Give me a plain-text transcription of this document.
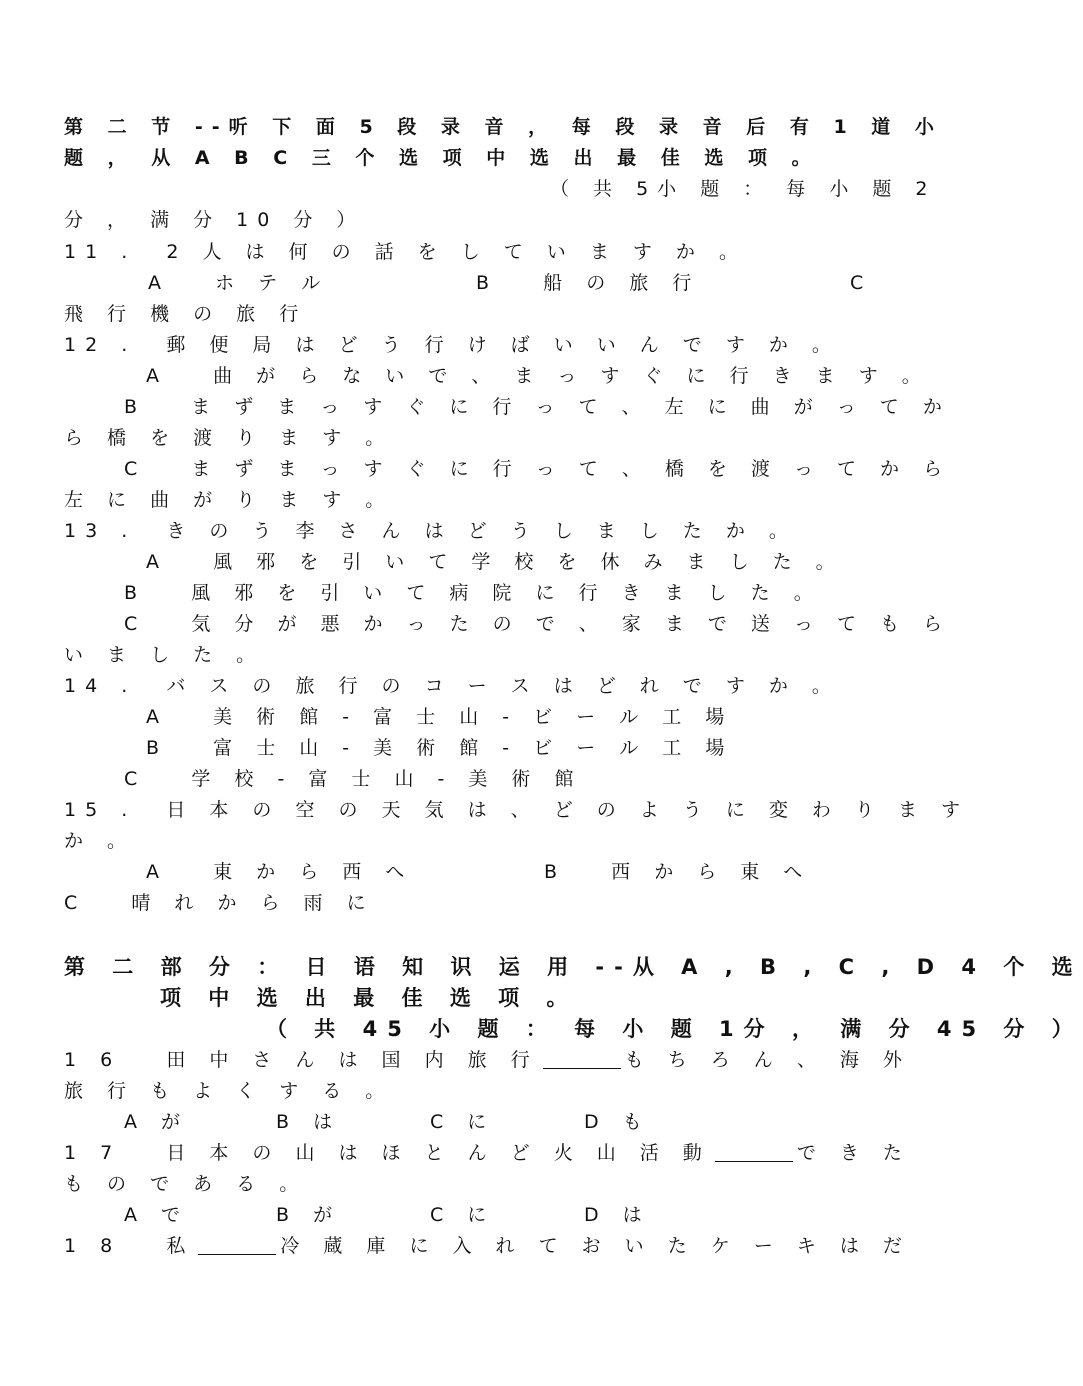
第 二 节 --听 下 面 5 段 录 音 ， 每 段 录 音 后 有 1 道 小
题 ， 从 A B C 三 个 选 项 中 选 出 最 佳 选 项 。
（ 共 5小 题 ： 每 小 题 2
分 ， 满 分 10 分 ）
11 .  2 人 は 何 の 話 を し て い ま す か 。

A   ホ テ ル

	B   船 の 旅 行

	C

飛 行 機 の 旅 行
12 .  郵 便 局 は ど う 行 け ば い い ん で す か 。
A   曲 が ら な い で 、 ま っ す ぐ に 行 き ま す 。
B   ま ず ま っ す ぐ に 行 っ て 、 左 に 曲 が っ て か
ら 橋 を 渡 り ま す 。
C   ま ず ま っ す ぐ に 行 っ て 、 橋 を 渡 っ て か ら
左 に 曲 が り ま す 。
13 .  き の う 李 さ ん は ど う し ま し た か 。
A   風 邪 を 引 い て 学 校 を 休 み ま し た 。
B   風 邪 を 引 い て 病 院 に 行 き ま し た 。
C   気 分 が 悪 か っ た の で 、 家 ま で 送 っ て も ら
い ま し た 。
14 .  バ ス の 旅 行 の コ ー ス は ど れ で す か 。
A   美 術 館 - 富 士 山 - ビ ー ル 工 場
B   富 士 山 - 美 術 館 - ビ ー ル 工 場
C   学 校 - 富 士 山 - 美 術 館
15 .  日 本 の 空 の 天 気 は 、 ど の よ う に 変 わ り ま す
か 。

A   東 か ら 西 へ

	B   西 か ら 東 へ

C   晴 れ か ら 雨 に
第 二 部 分 ： 日 语 知 识 运 用 --从 A , B , C , D 4 个 选
项 中 选 出 最 佳 选 项 。
（ 共 45 小 题 ： 每 小 题 1分 ， 满 分 45 分 ）
1 6   田 中 さ ん は 国 内 旅 行	も ち ろ ん 、 海 外
旅 行 も よ く す る 。

A が

	B は

	C に

	D も

1 7   日 本 の 山 は ほ と ん ど 火 山 活 動	で き た
も の で あ る 。

A で

	B が

	C に

	D は

1 8   私	冷 蔵 庫 に 入 れ て お い た ケ ー キ は だ
